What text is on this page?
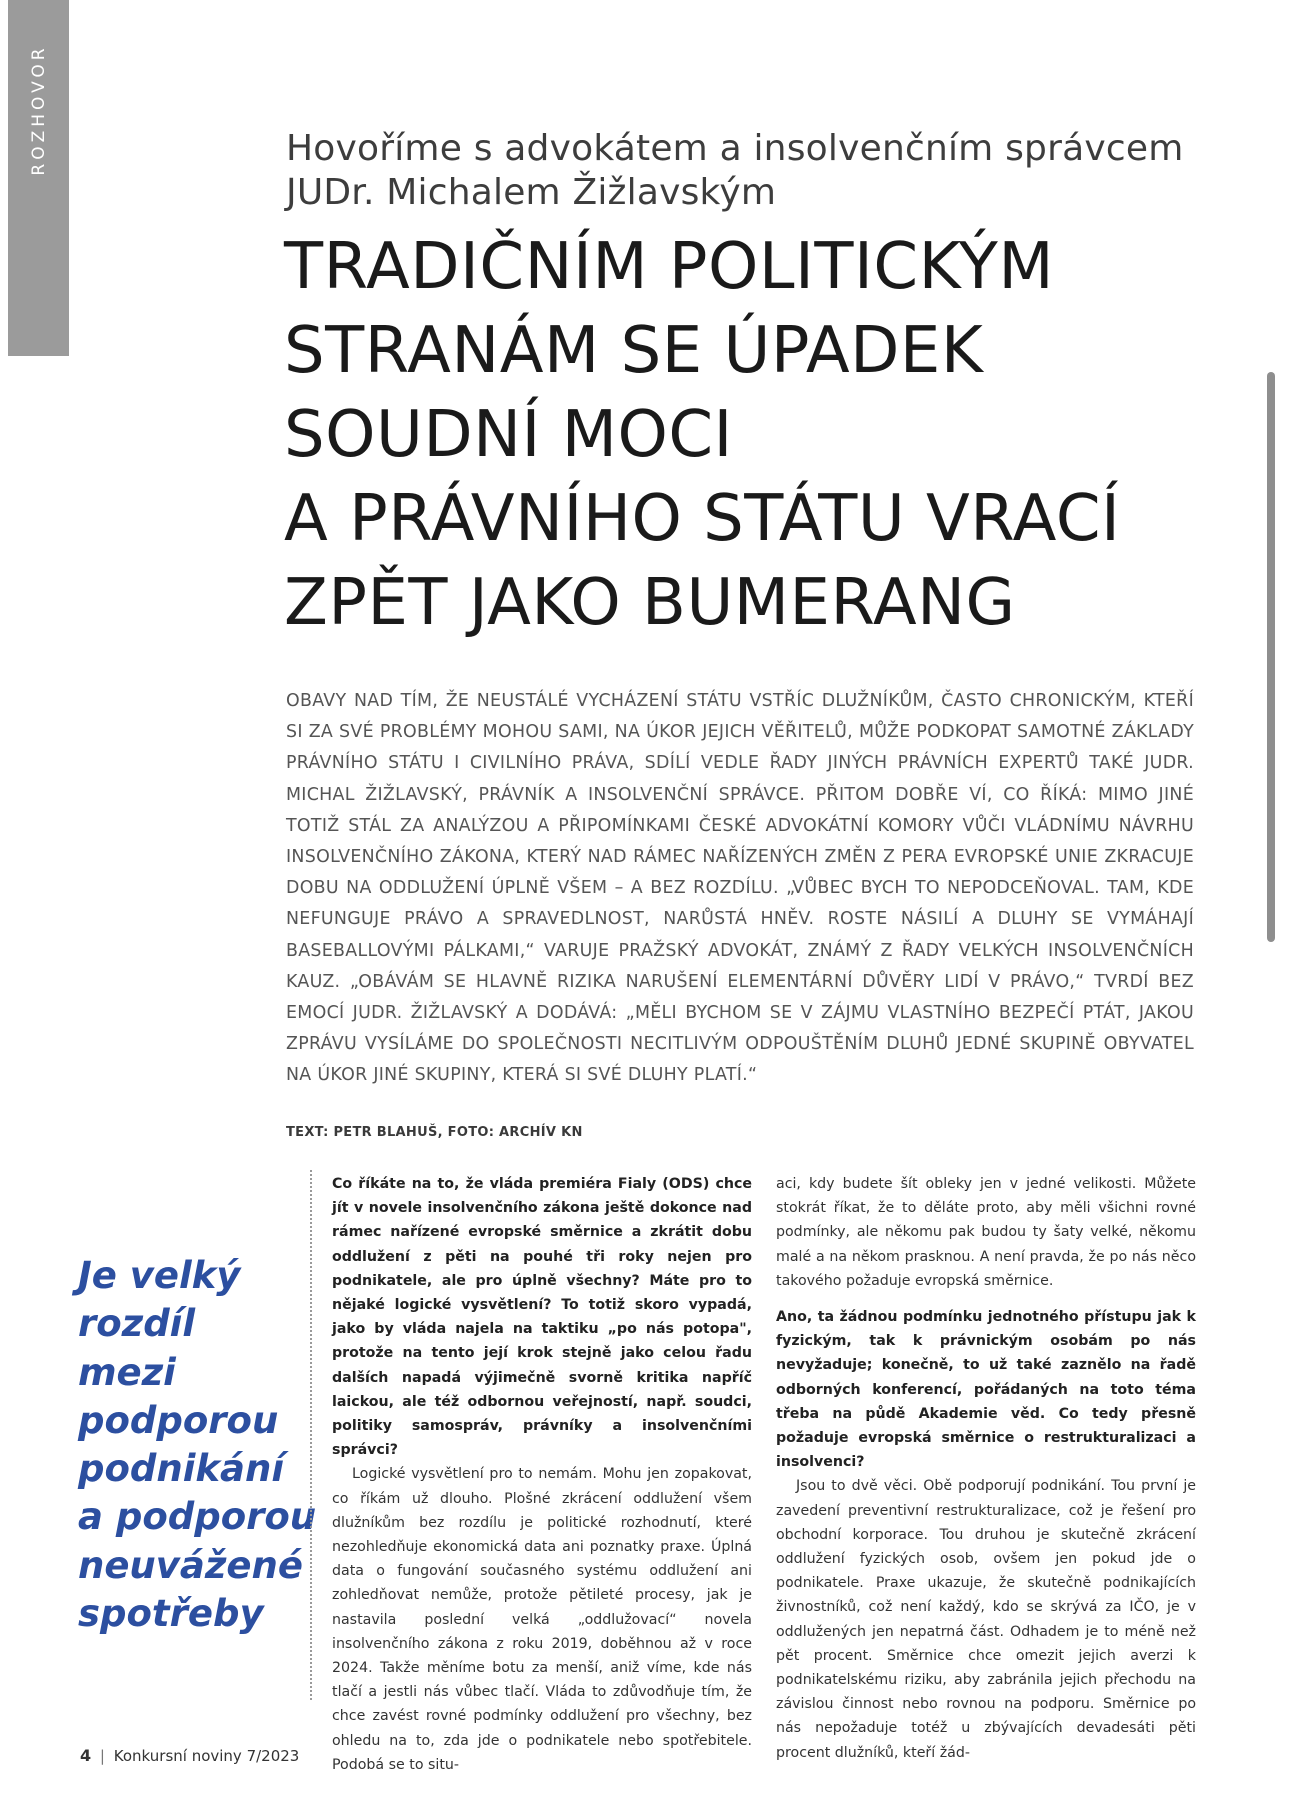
ROZHOVOR	Hovoříme s advokátem a insolvenčním správcem
JUDr. Michalem Žižlavským
TRADIČNÍM POLITICKÝM
STRANÁM SE ÚPADEK
SOUDNÍ MOCI
A PRÁVNÍHO STÁTU VRACÍ
ZPĚT JAKO BUMERANG

OBAVY NAD TÍM, ŽE NEUSTÁLÉ VYCHÁZENÍ STÁTU VSTŘÍC DLUŽNÍKŮM, ČASTO CHRONICKÝM, KTEŘÍ SI ZA SVÉ PROBLÉMY MOHOU SAMI, NA ÚKOR JEJICH VĚŘITELŮ, MŮŽE PODKOPAT SAMOTNÉ ZÁKLADY PRÁVNÍHO STÁTU I CIVILNÍHO PRÁVA, SDÍLÍ VEDLE ŘADY JINÝCH PRÁVNÍCH EXPERTŮ TAKÉ JUDR. MICHAL ŽIŽLAVSKÝ, PRÁVNÍK A INSOLVENČNÍ SPRÁVCE. PŘITOM DOBŘE VÍ, CO ŘÍKÁ: MIMO JINÉ TOTIŽ STÁL ZA ANALÝZOU A PŘIPOMÍNKAMI ČESKÉ ADVOKÁTNÍ KOMORY VŮČI VLÁDNÍMU NÁVRHU INSOLVENČNÍHO ZÁKONA, KTERÝ NAD RÁMEC NAŘÍZENÝCH ZMĚN Z PERA EVROPSKÉ UNIE ZKRACUJE DOBU NA ODDLUŽENÍ ÚPLNĚ VŠEM – A BEZ ROZDÍLU. „VŮBEC BYCH TO NEPODCEŇOVAL. TAM, KDE NEFUNGUJE PRÁVO A SPRAVEDLNOST, NARŮSTÁ HNĚV. ROSTE NÁSILÍ A DLUHY SE VYMÁHAJÍ BASEBALLOVÝMI PÁLKAMI,“ VARUJE PRAŽSKÝ ADVOKÁT, ZNÁMÝ Z ŘADY VELKÝCH INSOLVENČNÍCH KAUZ. „OBÁVÁM SE HLAVNĚ RIZIKA NARUŠENÍ ELEMENTÁRNÍ DŮVĚRY LIDÍ V PRÁVO,“ TVRDÍ BEZ EMOCÍ JUDR. ŽIŽLAVSKÝ A DODÁVÁ: „MĚLI BYCHOM SE V ZÁJMU VLASTNÍHO BEZPEČÍ PTÁT, JAKOU ZPRÁVU VYSÍLÁME DO SPOLEČNOSTI NECITLIVÝM ODPOUŠTĚNÍM DLUHŮ JEDNÉ SKUPINĚ OBYVATEL NA ÚKOR JINÉ SKUPINY, KTERÁ SI SVÉ DLUHY PLATÍ.“

TEXT: PETR BLAHUŠ, FOTO: ARCHÍV KN
Je velký
rozdíl
mezi
podporou
podnikání
a podporou
neuvážené
spotřeby

Co říkáte na to, že vláda premiéra Fialy (ODS) chce jít v novele insolvenčního zákona ještě dokonce nad rámec nařízené evropské směrnice a zkrátit dobu oddlužení z pěti na pouhé tři roky nejen pro podnikatele, ale pro úplně všechny? Máte pro to nějaké logické vysvětlení? To totiž skoro vypadá, jako by vláda najela na taktiku „po nás potopa", protože na tento její krok stejně jako celou řadu dalších napadá výjimečně svorně kritika napříč laickou, ale též odbornou veřejností, např. soudci, politiky samospráv, právníky a insolvenčními správci?

Logické vysvětlení pro to nemám. Mohu jen zopakovat, co říkám už dlouho. Plošné zkrácení oddlužení všem dlužníkům bez rozdílu je politické rozhodnutí, které nezohledňuje ekonomická data ani poznatky praxe. Úplná data o fungování současného systému oddlužení ani zohledňovat nemůže, protože pětileté procesy, jak je nastavila poslední velká „oddlužovací“ novela insolvenčního zákona z roku 2019, doběhnou až v roce 2024. Takže měníme botu za menší, aniž víme, kde nás tlačí a jestli nás vůbec tlačí. Vláda to zdůvodňuje tím, že chce zavést rovné podmínky oddlužení pro všechny, bez ohledu na to, zda jde o podnikatele nebo spotřebitele. Podobá se to situ-

aci, kdy budete šít obleky jen v jedné velikosti. Můžete stokrát říkat, že to děláte proto, aby měli všichni rovné podmínky, ale někomu pak budou ty šaty velké, někomu malé a na někom prasknou. A není pravda, že po nás něco takového požaduje evropská směrnice.

Ano, ta žádnou podmínku jednotného přístupu jak k fyzickým, tak k právnickým osobám po nás nevyžaduje; konečně, to už také zaznělo na řadě odborných konferencí, pořádaných na toto téma třeba na půdě Akademie věd. Co tedy přesně požaduje evropská směrnice o restrukturalizaci a insolvenci?

Jsou to dvě věci. Obě podporují podnikání. Tou první je zavedení preventivní restrukturalizace, což je řešení pro obchodní korporace. Tou druhou je skutečně zkrácení oddlužení fyzických osob, ovšem jen pokud jde o podnikatele. Praxe ukazuje, že skutečně podnikajících živnostníků, což není každý, kdo se skrývá za IČO, je v oddlužených jen nepatrná část. Odhadem je to méně než pět procent. Směrnice chce omezit jejich averzi k podnikatelskému riziku, aby zabránila jejich přechodu na závislou činnost nebo rovnou na podporu. Směrnice po nás nepožaduje totéž u zbývajících devadesáti pěti procent dlužníků, kteří žád-

4 | Konkursní noviny 7/2023
